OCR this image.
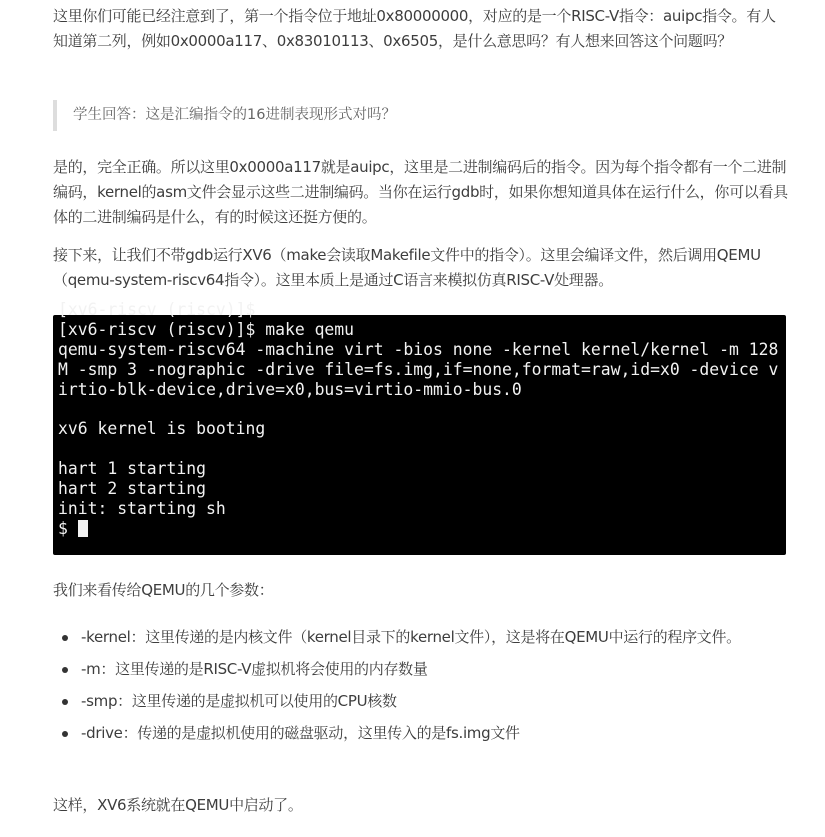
这里你们可能已经注意到了，第一个指令位于地址0x80000000，对应的是一个RISC-V指令：auipc指令。有人知道第二列，例如0x0000a117、0x83010113、0x6505，是什么意思吗？有人想来回答这个问题吗？

学生回答：这是汇编指令的16进制表现形式对吗？

是的，完全正确。所以这里0x0000a117就是auipc，这里是二进制编码后的指令。因为每个指令都有一个二进制编码，kernel的asm文件会显示这些二进制编码。当你在运行gdb时，如果你想知道具体在运行什么，你可以看具体的二进制编码是什么，有的时候这还挺方便的。

接下来，让我们不带gdb运行XV6（make会读取Makefile文件中的指令）。这里会编译文件，然后调用QEMU（qemu-system-riscv64指令）。这里本质上是通过C语言来模拟仿真RISC-V处理器。

[xv6-riscv (riscv)]$
[xv6-riscv (riscv)]$ make qemu
qemu-system-riscv64 -machine virt -bios none -kernel kernel/kernel -m 128
M -smp 3 -nographic -drive file=fs.img,if=none,format=raw,id=x0 -device v
irtio-blk-device,drive=x0,bus=virtio-mmio-bus.0

xv6 kernel is booting

hart 1 starting
hart 2 starting
init: starting sh
$

我们来看传给QEMU的几个参数：

-kernel：这里传递的是内核文件（kernel目录下的kernel文件），这是将在QEMU中运行的程序文件。
-m：这里传递的是RISC-V虚拟机将会使用的内存数量
-smp：这里传递的是虚拟机可以使用的CPU核数
-drive：传递的是虚拟机使用的磁盘驱动，这里传入的是fs.img文件

这样，XV6系统就在QEMU中启动了。
